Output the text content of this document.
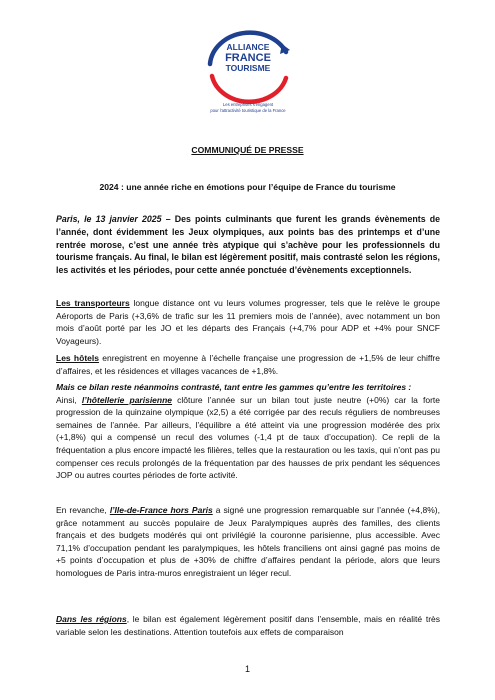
ALLIANCE
FRANCE
TOURISME
Les entreprises s'engagent
pour l'attractivité touristique de la France
COMMUNIQUÉ DE PRESSE
2024 : une année riche en émotions pour l’équipe de France du tourisme
Paris, le 13 janvier 2025 – Des points culminants que furent les grands évènements de l’année, dont évidemment les Jeux olympiques, aux points bas des printemps et d’une rentrée morose, c’est une année très atypique qui s’achève pour les professionnels du tourisme français. Au final, le bilan est légèrement positif, mais contrasté selon les régions, les activités et les périodes, pour cette année ponctuée d’évènements exceptionnels.
Les transporteurs longue distance ont vu leurs volumes progresser, tels que le relève le groupe Aéroports de Paris (+3,6% de trafic sur les 11 premiers mois de l’année), avec notamment un bon mois d’août porté par les JO et les départs des Français (+4,7% pour ADP et +4% pour SNCF Voyageurs).
Les hôtels enregistrent en moyenne à l’échelle française une progression de +1,5% de leur chiffre d’affaires, et les résidences et villages vacances de +1,8%.
Mais ce bilan reste néanmoins contrasté, tant entre les gammes qu’entre les territoires :
Ainsi, l’hôtellerie parisienne clôture l’année sur un bilan tout juste neutre (+0%) car la forte progression de la quinzaine olympique (x2,5) a été corrigée par des reculs réguliers de nombreuses semaines de l’année. Par ailleurs, l’équilibre a été atteint via une progression modérée des prix (+1,8%) qui a compensé un recul des volumes (-1,4 pt de taux d’occupation). Ce repli de la fréquentation a plus encore impacté les filières, telles que la restauration ou les taxis, qui n’ont pas pu compenser ces reculs prolongés de la fréquentation par des hausses de prix pendant les séquences JOP ou autres courtes périodes de forte activité.
En revanche, l’Ile-de-France hors Paris a signé une progression remarquable sur l’année (+4,8%), grâce notamment au succès populaire de Jeux Paralympiques auprès des familles, des clients français et des budgets modérés qui ont privilégié la couronne parisienne, plus accessible. Avec 71,1% d’occupation pendant les paralympiques, les hôtels franciliens ont ainsi gagné pas moins de +5 points d’occupation et plus de +30% de chiffre d’affaires pendant la période, alors que leurs homologues de Paris intra-muros enregistraient un léger recul.
Dans les régions, le bilan est également légèrement positif dans l’ensemble, mais en réalité très variable selon les destinations. Attention toutefois aux effets de comparaison
1
